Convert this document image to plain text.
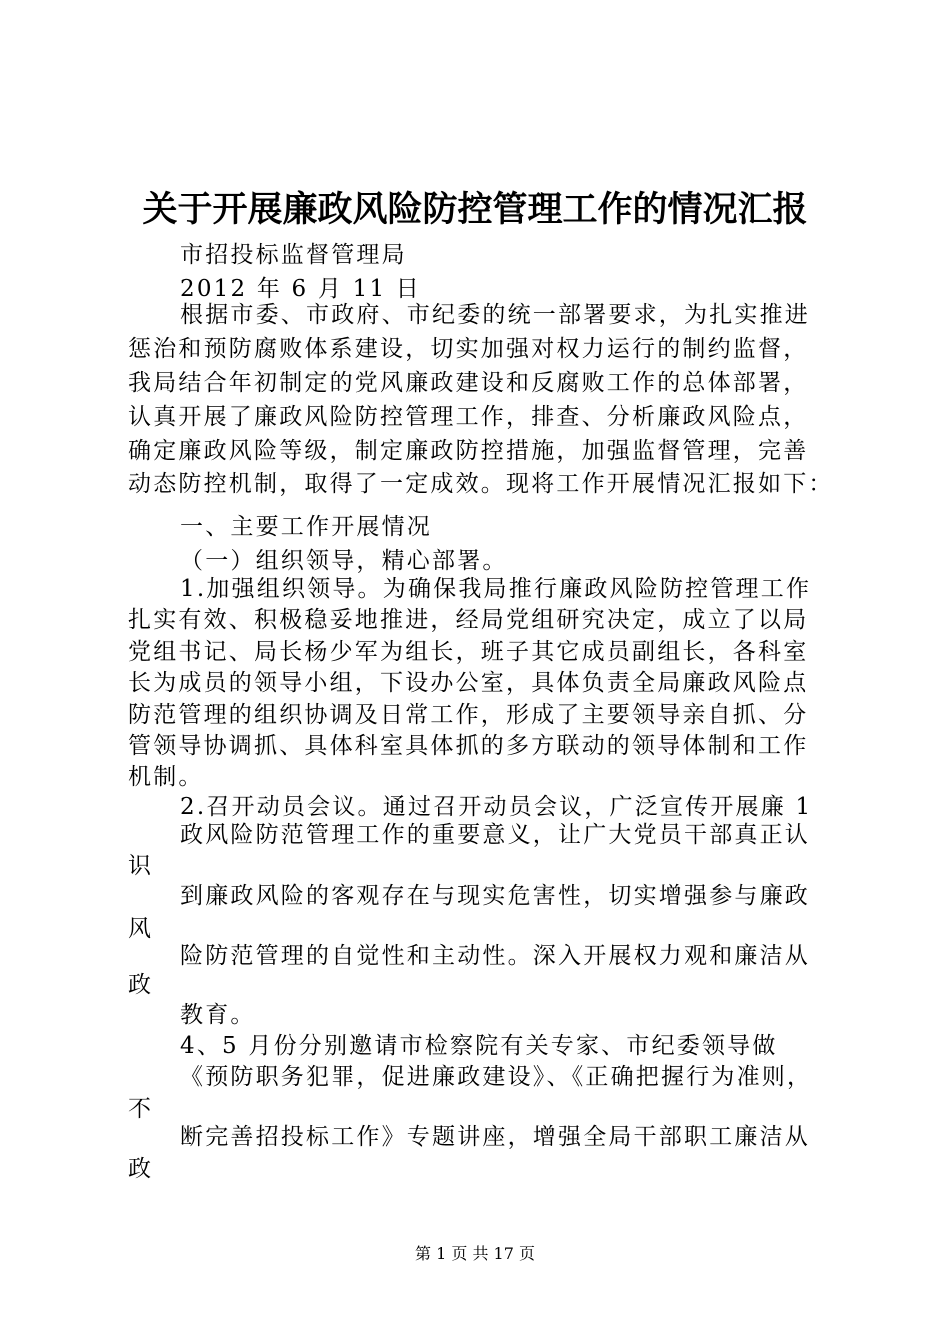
关于开展廉政风险防控管理工作的情况汇报
市招投标监督管理局
2012 年 6 月 11 日
根据市委、市政府、市纪委的统一部署要求，为扎实推进
惩治和预防腐败体系建设，切实加强对权力运行的制约监督，
我局结合年初制定的党风廉政建设和反腐败工作的总体部署，
认真开展了廉政风险防控管理工作，排查、分析廉政风险点，
确定廉政风险等级，制定廉政防控措施，加强监督管理，完善
动态防控机制，取得了一定成效。现将工作开展情况汇报如下：
一、主要工作开展情况
（一）组织领导，精心部署。
1.加强组织领导。为确保我局推行廉政风险防控管理工作
扎实有效、积极稳妥地推进，经局党组研究决定，成立了以局
党组书记、局长杨少军为组长，班子其它成员副组长，各科室
长为成员的领导小组，下设办公室，具体负责全局廉政风险点
防范管理的组织协调及日常工作，形成了主要领导亲自抓、分
管领导协调抓、具体科室具体抓的多方联动的领导体制和工作
机制。
2.召开动员会议。通过召开动员会议，广泛宣传开展廉 1
政风险防范管理工作的重要意义，让广大党员干部真正认
识
到廉政风险的客观存在与现实危害性，切实增强参与廉政
风
险防范管理的自觉性和主动性。深入开展权力观和廉洁从
政
教育。
4、5 月份分别邀请市检察院有关专家、市纪委领导做
《预防职务犯罪，促进廉政建设》、《正确把握行为准则，
不
断完善招投标工作》专题讲座，增强全局干部职工廉洁从
政
第 1 页 共 17 页
